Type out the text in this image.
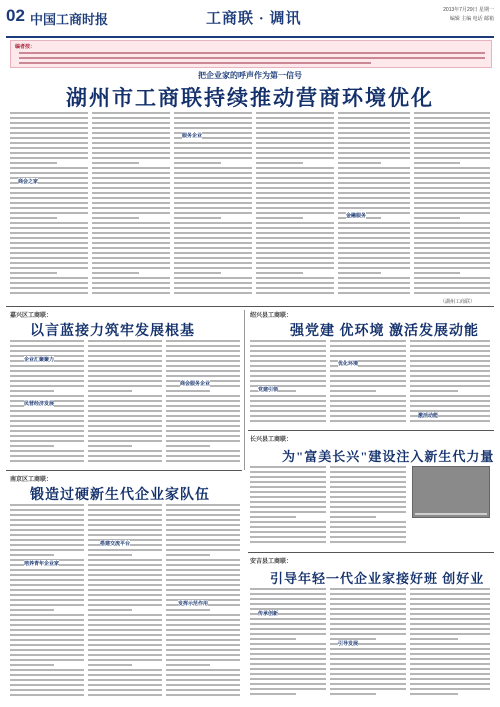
02 中国工商时报	工商联 · 调讯
2013年7月29日 星期一
编辑 主编 电话 邮箱
编者按：
把企业家的呼声作为第一信号
湖州市工商联持续推动营商环境优化
商会之家
服务企业
金融服务
（湖州工商联）
嘉兴区工商联：
以言蓝接力筑牢发展根基
企业汇聚聚力
民营经济发展
商会服务企业
绍兴县工商联：
强党建 优环境 激活发展动能
党建引领
优化环境
激活动能
南京区工商联：
锻造过硬新生代企业家队伍
培养青年企业家
搭建交流平台
发挥示范作用
长兴县工商联：
为"富美长兴"建设注入新生代力量
安吉县工商联：
引导年轻一代企业家接好班 创好业
传承创新
引导发展
